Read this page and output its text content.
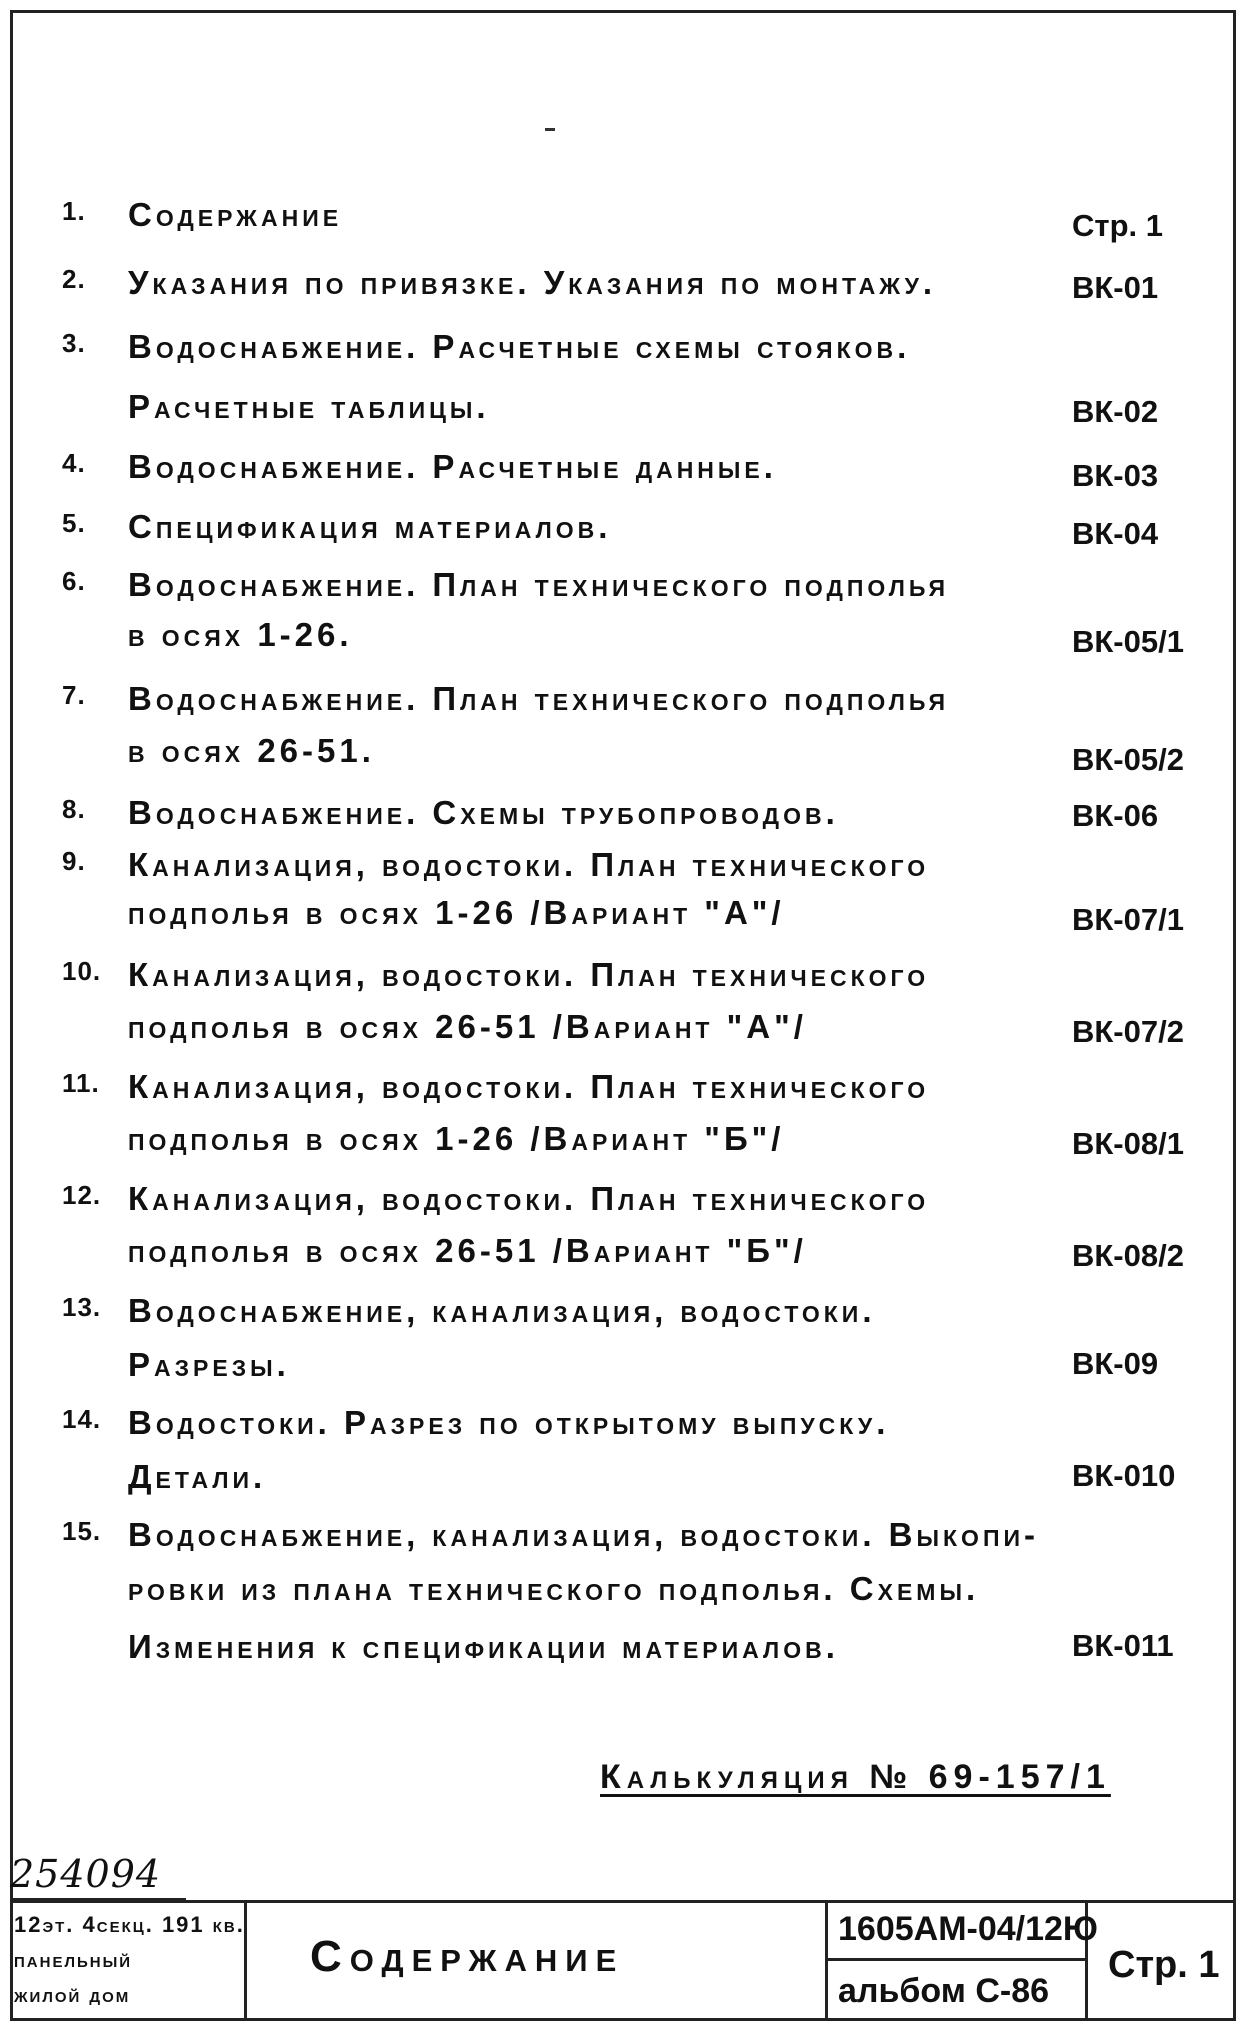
1.	Содержание	Стр. 1
2.	Указания по привязке. Указания по монтажу.	ВК-01
3.	Водоснабжение. Расчетные схемы стояков.
Расчетные таблицы.	ВК-02
4.	Водоснабжение. Расчетные данные.	ВК-03
5.	Спецификация материалов.	ВК-04
6.	Водоснабжение. План технического подполья
в осях 1-26.	ВК-05/1
7.	Водоснабжение. План технического подполья
в осях 26-51.	ВК-05/2
8.	Водоснабжение. Схемы трубопроводов.	ВК-06
9.	Канализация, водостоки. План технического
подполья в осях 1-26 /Вариант "А"/	ВК-07/1
10. Канализация, водостоки. План технического
подполья в осях 26-51 /Вариант "А"/	ВК-07/2
11. Канализация, водостоки. План технического
подполья в осях 1-26 /Вариант "Б"/	ВК-08/1
12. Канализация, водостоки. План технического
подполья в осях 26-51 /Вариант "Б"/	ВК-08/2
13. Водоснабжение, канализация, водостоки.
Разрезы.	ВК-09
14. Водостоки. Разрез по открытому выпуску.
Детали.	ВК-010
15. Водоснабжение, канализация, водостоки. Выкопи-
ровки из плана технического подполья. Схемы.
Изменения к спецификации материалов.	ВК-011
Калькуляция № 69-157/1
254094
12эт. 4секц. 191 кв.
панельный
жилой дом
Содержание
1605АМ-04/12Ю
альбом С-86
Стр. 1
